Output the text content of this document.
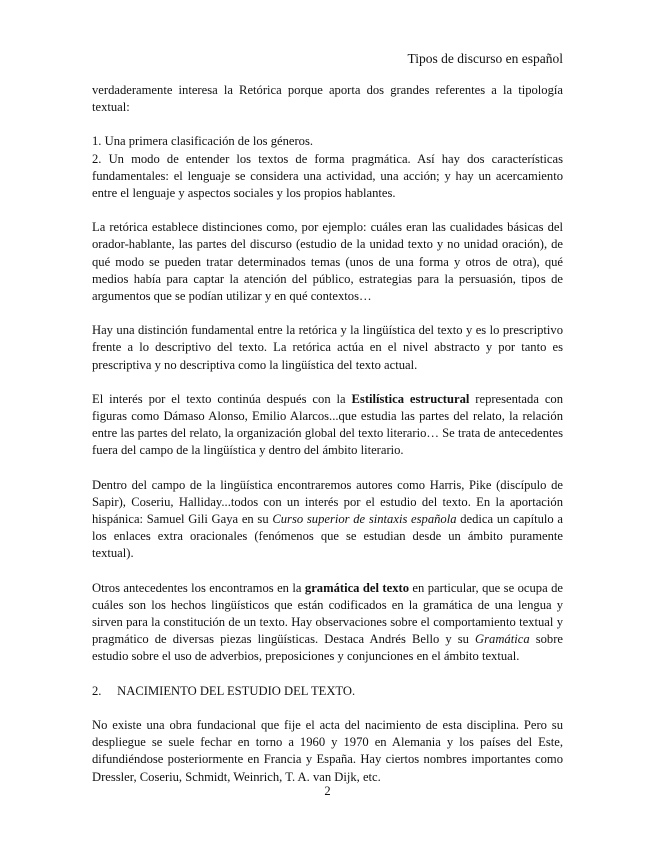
Tipos de discurso en español

verdaderamente interesa la Retórica porque aporta dos grandes referentes a la tipología textual:

1. Una primera clasificación de los géneros.

2. Un modo de entender los textos de forma pragmática. Así hay dos características fundamentales: el lenguaje se considera una actividad, una acción; y hay un acercamiento entre el lenguaje y aspectos sociales y los propios hablantes.

La retórica establece distinciones como, por ejemplo: cuáles eran las cualidades básicas del orador-hablante, las partes del discurso (estudio de la unidad texto y no unidad oración), de qué modo se pueden tratar determinados temas (unos de una forma y otros de otra), qué medios había para captar la atención del público, estrategias para la persuasión, tipos de argumentos que se podían utilizar y en qué contextos…

Hay una distinción fundamental entre la retórica y la lingüística del texto y es lo prescriptivo frente a lo descriptivo del texto. La retórica actúa en el nivel abstracto y por tanto es prescriptiva y no descriptiva como la lingüística del texto actual.

El interés por el texto continúa después con la Estilística estructural representada con figuras como Dámaso Alonso, Emilio Alarcos...que estudia las partes del relato, la relación entre las partes del relato, la organización global del texto literario… Se trata de antecedentes fuera del campo de la lingüística y dentro del ámbito literario.

Dentro del campo de la lingüística encontraremos autores como Harris, Pike (discípulo de Sapir), Coseriu, Halliday...todos con un interés por el estudio del texto. En la aportación hispánica: Samuel Gili Gaya en su Curso superior de sintaxis española dedica un capítulo a los enlaces extra oracionales (fenómenos que se estudian desde un ámbito puramente textual).

Otros antecedentes los encontramos en la gramática del texto en particular, que se ocupa de cuáles son los hechos lingüísticos que están codificados en la gramática de una lengua y sirven para la constitución de un texto. Hay observaciones sobre el comportamiento textual y pragmático de diversas piezas lingüísticas. Destaca Andrés Bello y su Gramática sobre estudio sobre el uso de adverbios, preposiciones y conjunciones en el ámbito textual.

2. NACIMIENTO DEL ESTUDIO DEL TEXTO.

No existe una obra fundacional que fije el acta del nacimiento de esta disciplina. Pero su despliegue se suele fechar en torno a 1960 y 1970 en Alemania y los países del Este, difundiéndose posteriormente en Francia y España. Hay ciertos nombres importantes como Dressler, Coseriu, Schmidt, Weinrich, T. A. van Dijk, etc.

2
